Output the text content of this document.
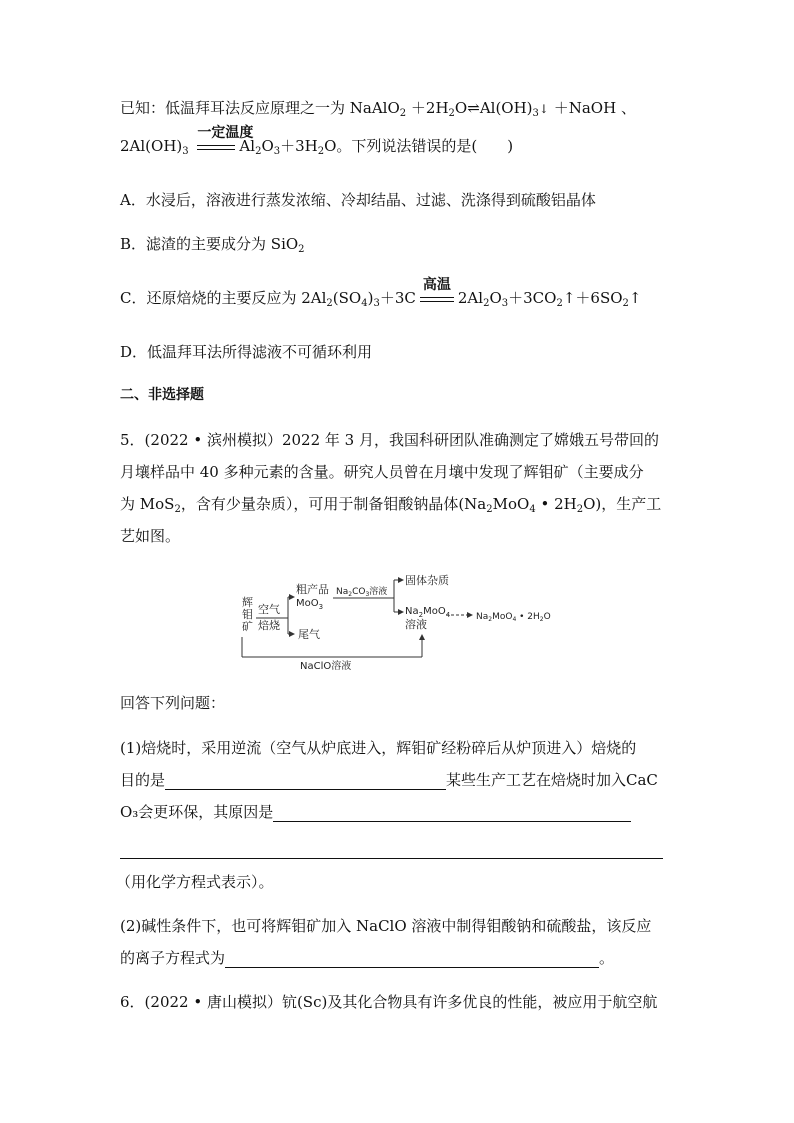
已知：低温拜耳法反应原理之一为 NaAlO$_2$ $+2H_2O\rightleftharpoons Al(OH)_3↓$ ＋NaOH 、
$2Al(OH)_3$
一定温度
$Al_2O_3+3H_2O$。下列说法错误的是(　　)
A．水浸后，溶液进行蒸发浓缩、冷却结晶、过滤、洗涤得到硫酸铝晶体
B．滤渣的主要成分为 SiO$_2$
C．还原焙烧的主要反应为 $2Al_2(SO_4)_3+3C$
高温
$2Al_2O_3+3CO_2↑+6SO_2↑$
D．低温拜耳法所得滤液不可循环利用
二、非选择题
5．(2022 • 滨州模拟）2022 年 3 月，我国科研团队准确测定了嫦娥五号带回的
月壤样品中 40 多种元素的含量。研究人员曾在月壤中发现了辉钼矿（主要成分
为 MoS$_2$，含有少量杂质），可用于制备钼酸钠晶体($Na_2MoO_4$ • $2H_2O$)，生产工
艺如图。
辉
钼
矿
空气
焙烧
粗产品
MoO$_3$
尾气
$Na_2CO_3$溶液
固体杂质
$Na_2MoO_4$
溶液
$Na_2MoO_4$ • $2H_2O$
NaClO溶液
回答下列问题：
(1)焙烧时，采用逆流（空气从炉底进入，辉钼矿经粉碎后从炉顶进入）焙烧的
目的是	某些生产工艺在焙烧时加入CaC
O₃会更环保，其原因是
（用化学方程式表示）。
(2)碱性条件下，也可将辉钼矿加入 NaClO 溶液中制得钼酸钠和硫酸盐，该反应
的离子方程式为	。
6．(2022 • 唐山模拟）钪(Sc)及其化合物具有许多优良的性能，被应用于航空航
